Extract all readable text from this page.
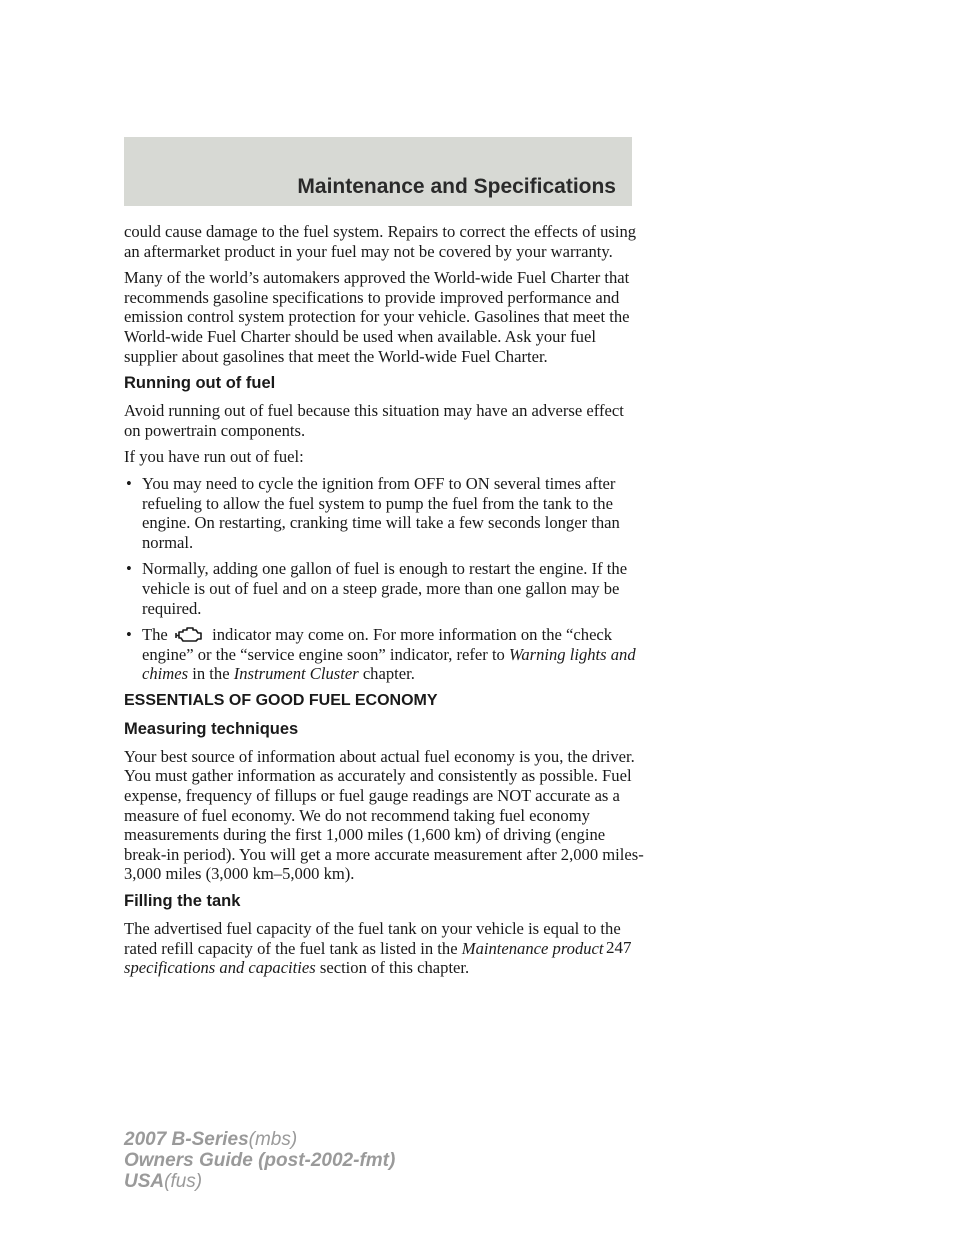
Maintenance and Specifications

could cause damage to the fuel system. Repairs to correct the effects of using an aftermarket product in your fuel may not be covered by your warranty.

Many of the world’s automakers approved the World-wide Fuel Charter that recommends gasoline specifications to provide improved performance and emission control system protection for your vehicle. Gasolines that meet the World-wide Fuel Charter should be used when available. Ask your fuel supplier about gasolines that meet the World-wide Fuel Charter.

Running out of fuel

Avoid running out of fuel because this situation may have an adverse effect on powertrain components.

If you have run out of fuel:

• You may need to cycle the ignition from OFF to ON several times after refueling to allow the fuel system to pump the fuel from the tank to the engine. On restarting, cranking time will take a few seconds longer than normal.
• Normally, adding one gallon of fuel is enough to restart the engine. If the vehicle is out of fuel and on a steep grade, more than one gallon may be required.
• The	indicator may come on. For more information on the “check engine” or the “service engine soon” indicator, refer to Warning lights and chimes in the Instrument Cluster chapter.
ESSENTIALS OF GOOD FUEL ECONOMY
Measuring techniques

Your best source of information about actual fuel economy is you, the driver. You must gather information as accurately and consistently as possible. Fuel expense, frequency of fillups or fuel gauge readings are NOT accurate as a measure of fuel economy. We do not recommend taking fuel economy measurements during the first 1,000 miles (1,600 km) of driving (engine break-in period). You will get a more accurate measurement after 2,000 miles-3,000 miles (3,000 km–5,000 km).

Filling the tank

The advertised fuel capacity of the fuel tank on your vehicle is equal to the rated refill capacity of the fuel tank as listed in the Maintenance product specifications and capacities section of this chapter.

247
2007 B-Series(mbs)
Owners Guide (post-2002-fmt)
USA(fus)
